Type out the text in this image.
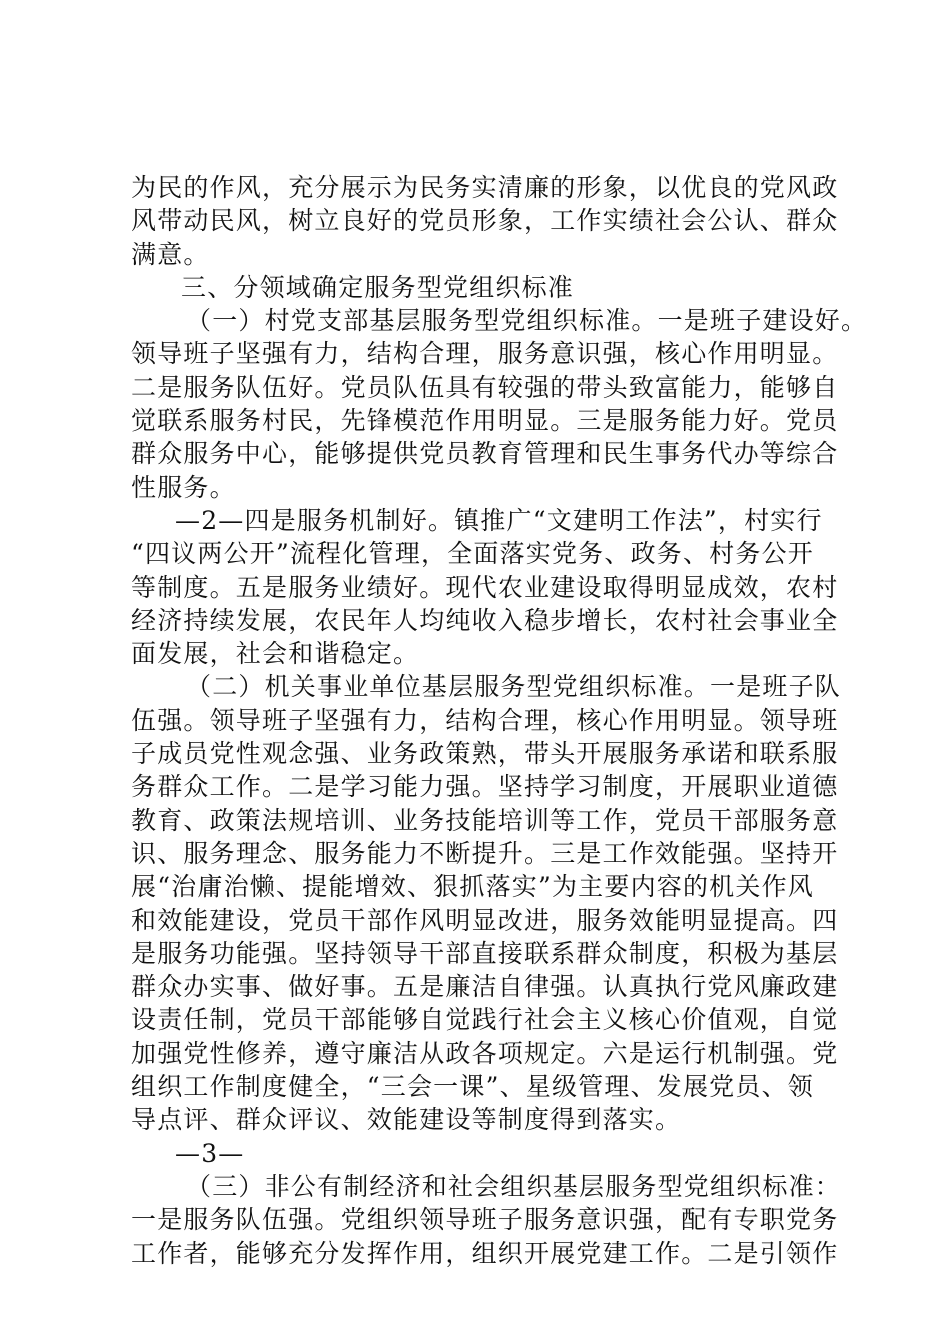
为民的作风，充分展示为民务实清廉的形象，以优良的党风政
风带动民风，树立良好的党员形象，工作实绩社会公认、群众
满意。
三、分领域确定服务型党组织标准
（一）村党支部基层服务型党组织标准。一是班子建设好。
领导班子坚强有力，结构合理，服务意识强，核心作用明显。
二是服务队伍好。党员队伍具有较强的带头致富能力，能够自
觉联系服务村民，先锋模范作用明显。三是服务能力好。党员
群众服务中心，能够提供党员教育管理和民生事务代办等综合
性服务。
—2—四是服务机制好。镇推广“文建明工作法”，村实行
“四议两公开”流程化管理，全面落实党务、政务、村务公开
等制度。五是服务业绩好。现代农业建设取得明显成效，农村
经济持续发展，农民年人均纯收入稳步增长，农村社会事业全
面发展，社会和谐稳定。
（二）机关事业单位基层服务型党组织标准。一是班子队
伍强。领导班子坚强有力，结构合理，核心作用明显。领导班
子成员党性观念强、业务政策熟，带头开展服务承诺和联系服
务群众工作。二是学习能力强。坚持学习制度，开展职业道德
教育、政策法规培训、业务技能培训等工作，党员干部服务意
识、服务理念、服务能力不断提升。三是工作效能强。坚持开
展“治庸治懒、提能增效、狠抓落实”为主要内容的机关作风
和效能建设，党员干部作风明显改进，服务效能明显提高。四
是服务功能强。坚持领导干部直接联系群众制度，积极为基层
群众办实事、做好事。五是廉洁自律强。认真执行党风廉政建
设责任制，党员干部能够自觉践行社会主义核心价值观，自觉
加强党性修养，遵守廉洁从政各项规定。六是运行机制强。党
组织工作制度健全，“三会一课”、星级管理、发展党员、领
导点评、群众评议、效能建设等制度得到落实。
—3—
（三）非公有制经济和社会组织基层服务型党组织标准：
一是服务队伍强。党组织领导班子服务意识强，配有专职党务
工作者，能够充分发挥作用，组织开展党建工作。二是引领作
